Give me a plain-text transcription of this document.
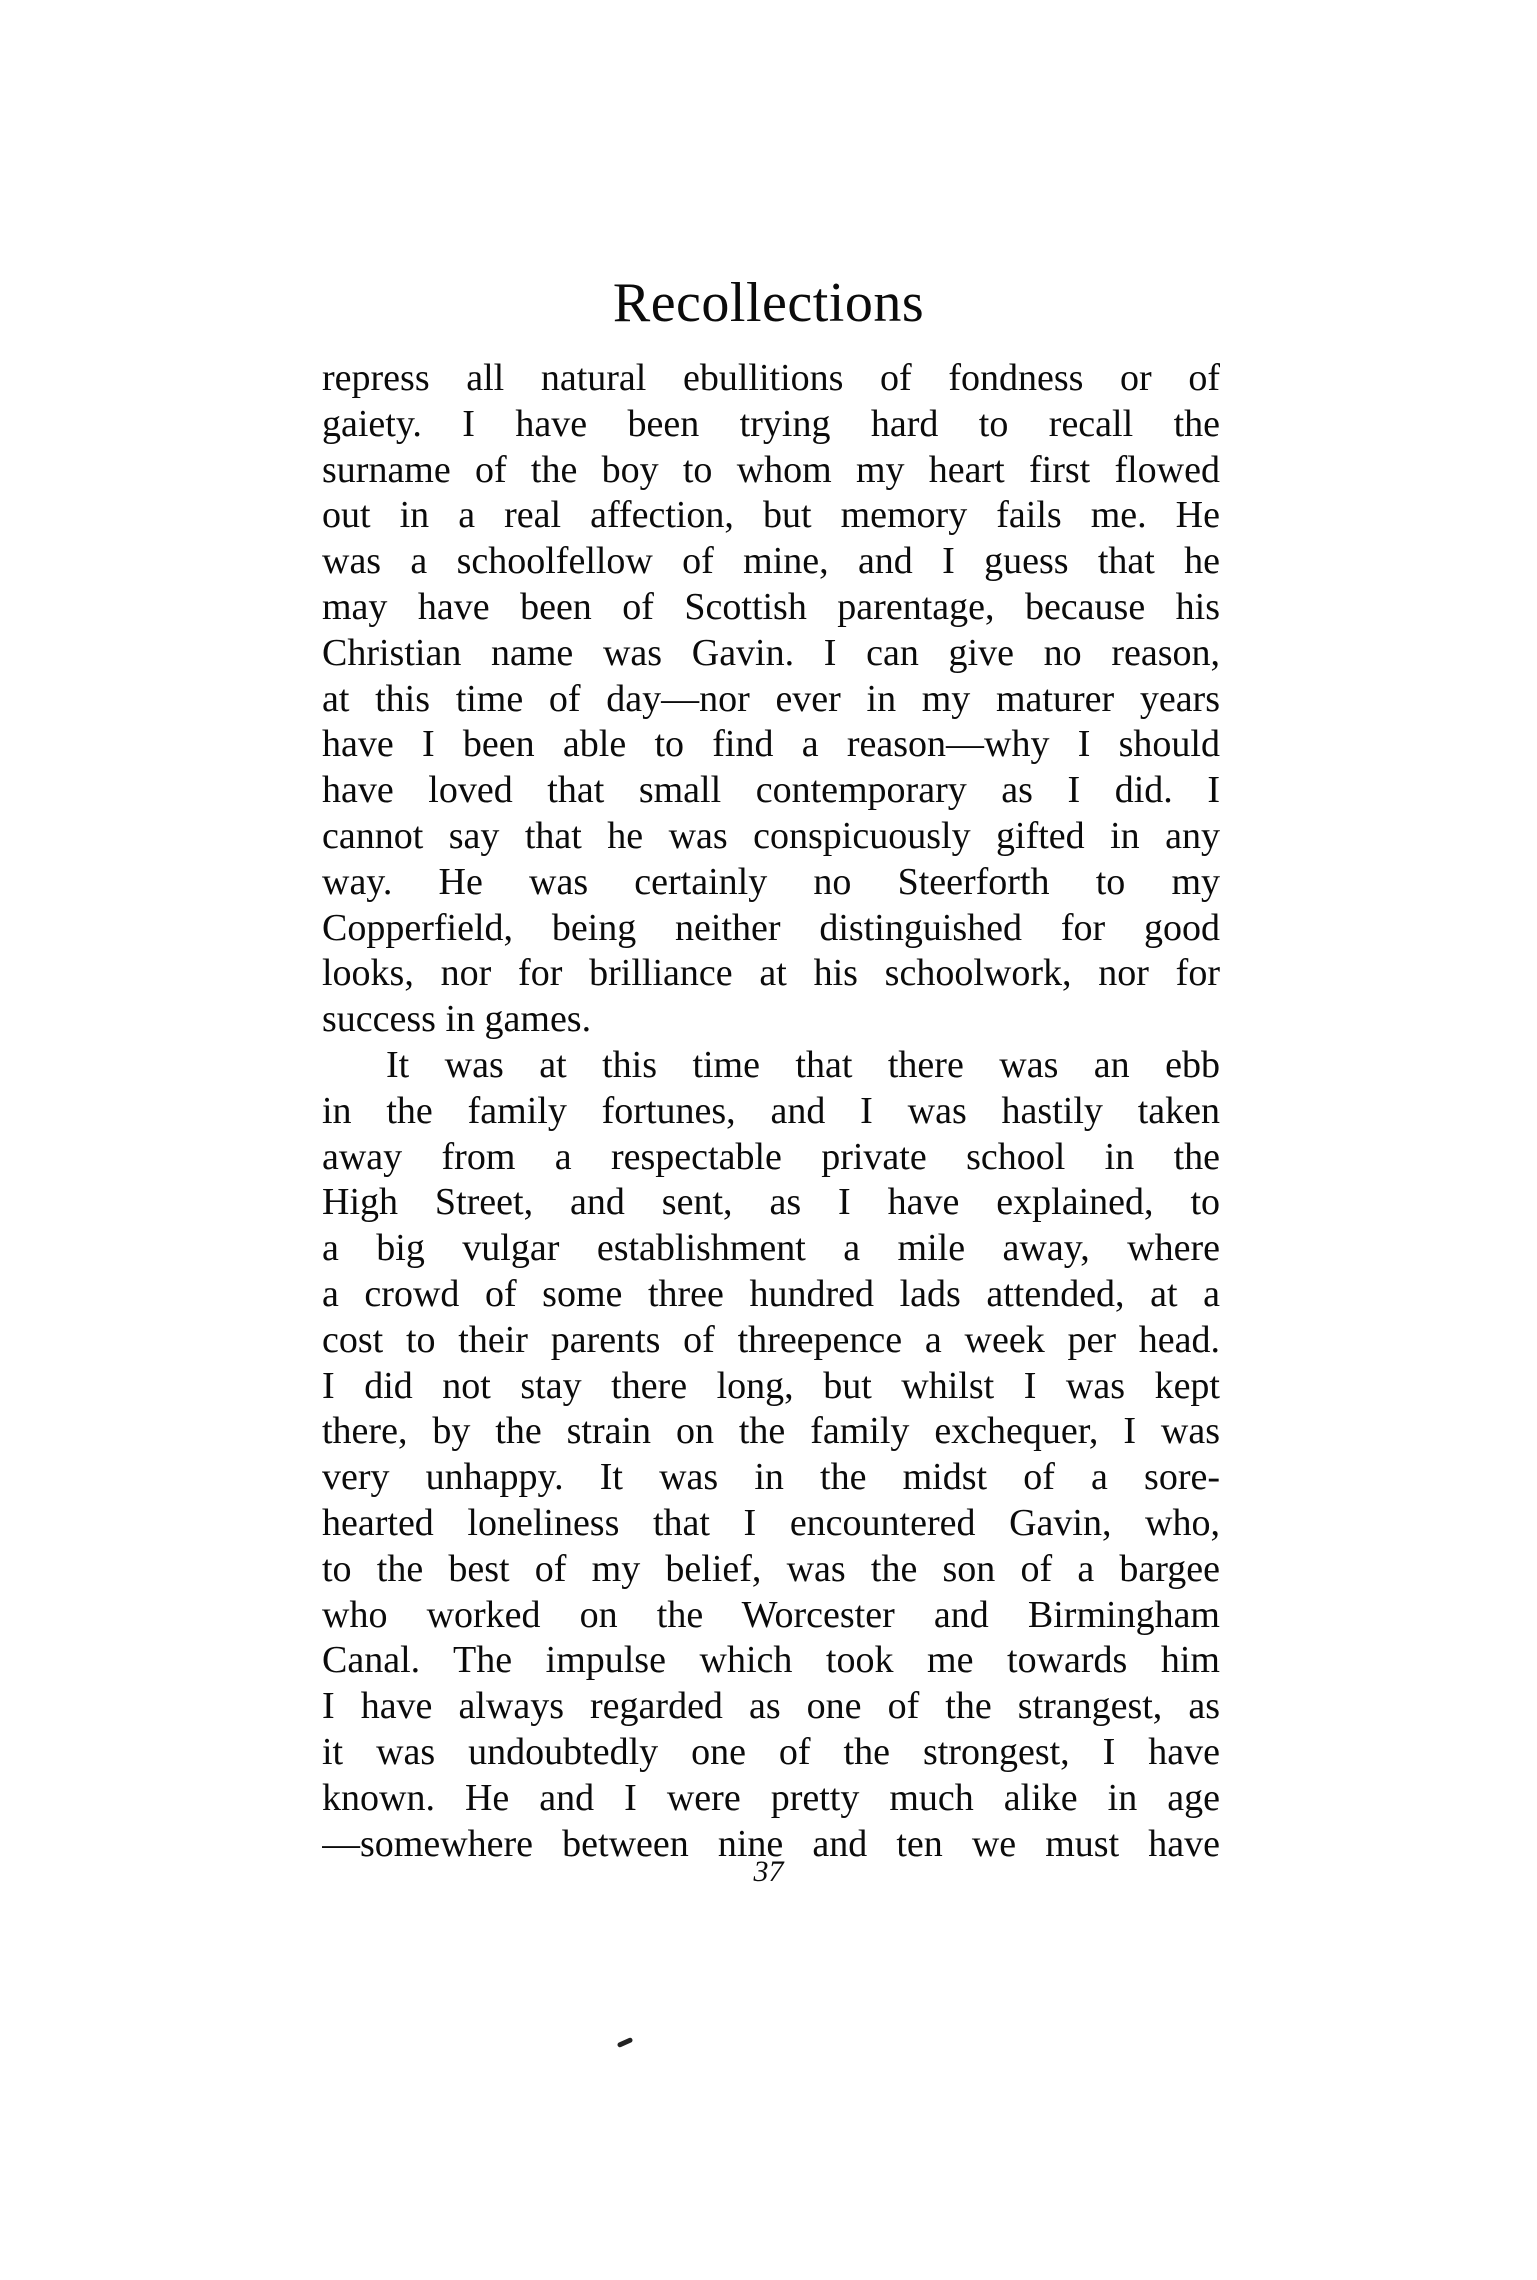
Recollections
repress all natural ebullitions of fondness or of
gaiety. I have been trying hard to recall the
surname of the boy to whom my heart first flowed
out in a real affection, but memory fails me. He
was a schoolfellow of mine, and I guess that he
may have been of Scottish parentage, because his
Christian name was Gavin. I can give no reason,
at this time of day—nor ever in my maturer years
have I been able to find a reason—why I should
have loved that small contemporary as I did. I
cannot say that he was conspicuously gifted in any
way. He was certainly no Steerforth to my
Copperfield, being neither distinguished for good
looks, nor for brilliance at his schoolwork, nor for
success in games.
It was at this time that there was an ebb
in the family fortunes, and I was hastily taken
away from a respectable private school in the
High Street, and sent, as I have explained, to
a big vulgar establishment a mile away, where
a crowd of some three hundred lads attended, at a
cost to their parents of threepence a week per head.
I did not stay there long, but whilst I was kept
there, by the strain on the family exchequer, I was
very unhappy. It was in the midst of a sore-
hearted loneliness that I encountered Gavin, who,
to the best of my belief, was the son of a bargee
who worked on the Worcester and Birmingham
Canal. The impulse which took me towards him
I have always regarded as one of the strangest, as
it was undoubtedly one of the strongest, I have
known. He and I were pretty much alike in age
—somewhere between nine and ten we must have
37
